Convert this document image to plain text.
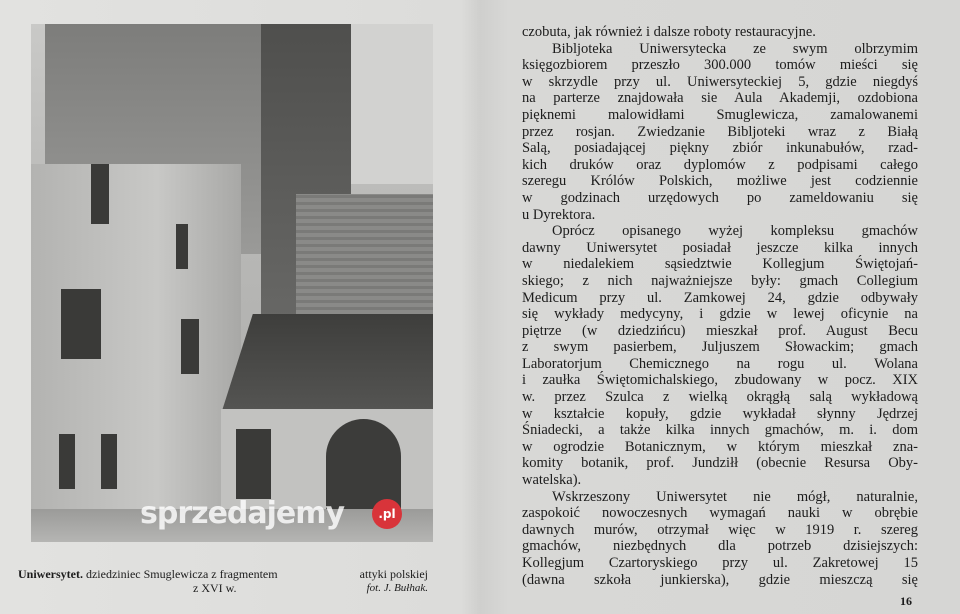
Uniwersytet. dziedziniec Smuglewicza z fragmentem	attyki polskiej
z XVI w.	fot. J. Bułhak.
czobuta, jak również i dalsze roboty restauracyjne.
Bibljoteka Uniwersytecka ze swym olbrzymim
księgozbiorem przeszło 300.000 tomów mieści się
w skrzydle przy ul. Uniwersyteckiej 5, gdzie niegdyś
na parterze znajdowała sie Aula Akademji, ozdobiona
pięknemi malowidłami Smuglewicza, zamalowanemi
przez rosjan. Zwiedzanie Bibljoteki wraz z Białą
Salą, posiadającej piękny zbiór inkunabułów, rzad-
kich druków oraz dyplomów z podpisami całego
szeregu Królów Polskich, możliwe jest codziennie
w godzinach urzędowych po zameldowaniu się
u Dyrektora.
Oprócz opisanego wyżej kompleksu gmachów
dawny Uniwersytet posiadał jeszcze kilka innych
w niedalekiem sąsiedztwie Kollegjum Świętojań-
skiego; z nich najważniejsze były: gmach Collegium
Medicum przy ul. Zamkowej 24, gdzie odbywały
się wykłady medycyny, i gdzie w lewej oficynie na
piętrze (w dziedzińcu) mieszkał prof. August Becu
z swym pasierbem, Juljuszem Słowackim; gmach
Laboratorjum Chemicznego na rogu ul. Wolana
i zaułka Świętomichalskiego, zbudowany w pocz. XIX
w. przez Szulca z wielką okrągłą salą wykładową
w kształcie kopuły, gdzie wykładał słynny Jędrzej
Śniadecki, a także kilka innych gmachów, m. i. dom
w ogrodzie Botanicznym, w którym mieszkał zna-
komity botanik, prof. Jundziłł (obecnie Resursa Oby-
watelska).
Wskrzeszony Uniwersytet nie mógł, naturalnie,
zaspokoić nowoczesnych wymagań nauki w obrębie
dawnych murów, otrzymał więc w 1919 r. szereg
gmachów, niezbędnych dla potrzeb dzisiejszych:
Kollegjum Czartoryskiego przy ul. Zakretowej 15
(dawna szkoła junkierska), gdzie mieszczą się
16
sprzedajemy	.pl
